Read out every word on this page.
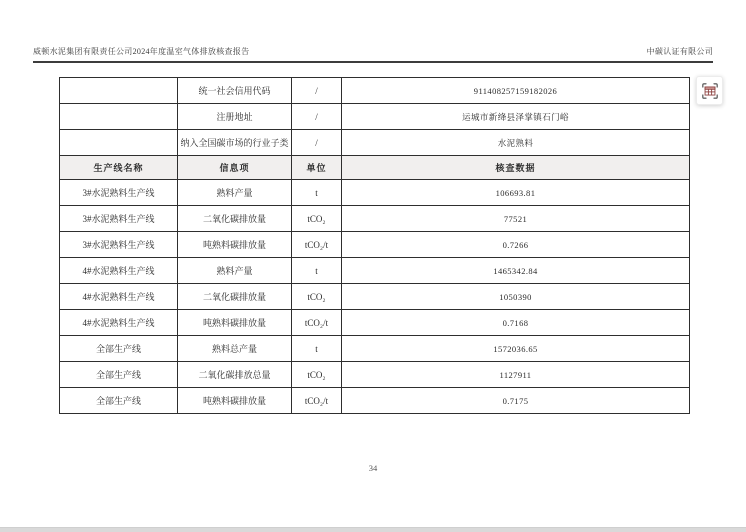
威顿水泥集团有限责任公司2024年度温室气体排放核查报告	中碳认证有限公司
	统一社会信用代码	/	911408257159182026
	注册地址	/	运城市新绛县泽掌镇石门峪
	纳入全国碳市场的行业子类	/	水泥熟料
生产线名称	信息项	单位	核查数据
3#水泥熟料生产线	熟料产量	t	106693.81
3#水泥熟料生产线	二氧化碳排放量	tCO₂	77521
3#水泥熟料生产线	吨熟料碳排放量	tCO₂/t	0.7266
4#水泥熟料生产线	熟料产量	t	1465342.84
4#水泥熟料生产线	二氧化碳排放量	tCO₂	1050390
4#水泥熟料生产线	吨熟料碳排放量	tCO₂/t	0.7168
全部生产线	熟料总产量	t	1572036.65
全部生产线	二氧化碳排放总量	tCO₂	1127911
全部生产线	吨熟料碳排放量	tCO₂/t	0.7175
34
